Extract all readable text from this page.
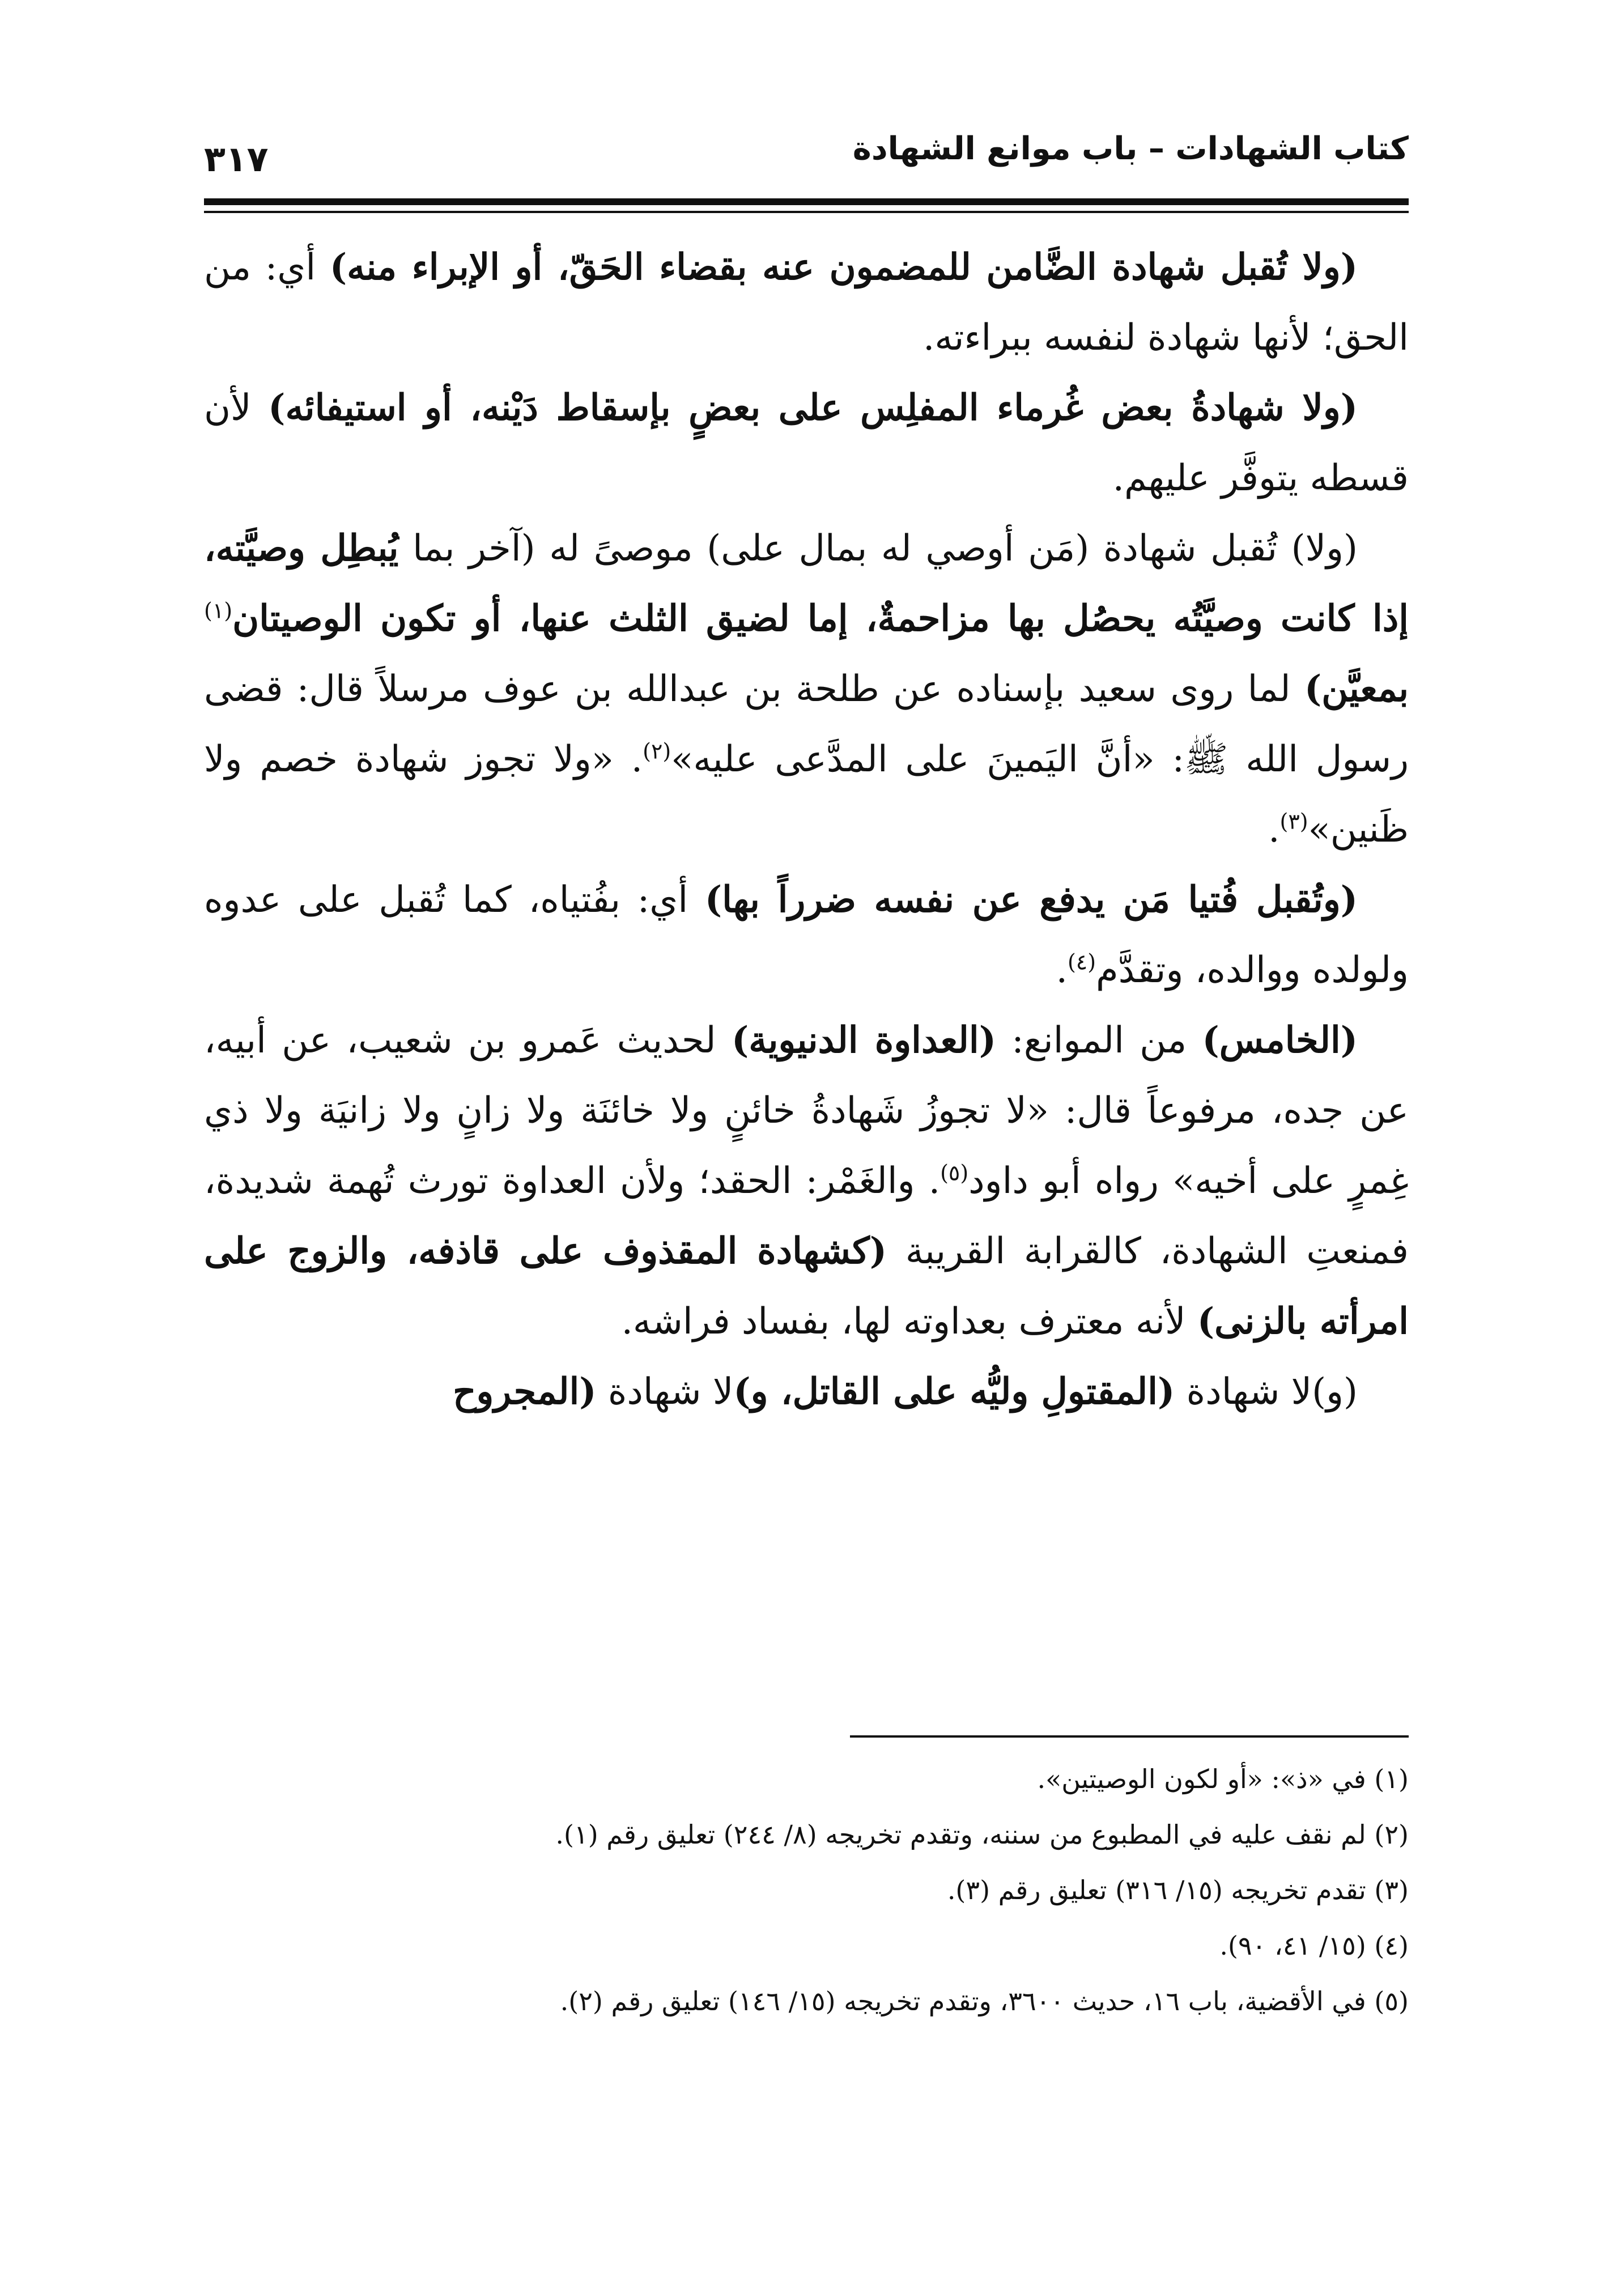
كتاب الشهادات – باب موانع الشهادة
٣١٧

(ولا تُقبل شهادة الضَّامن للمضمون عنه بقضاء الحَقّ، أو الإبراء منه) أي: من الحق؛ لأنها شهادة لنفسه ببراءته.

(ولا شهادةُ بعض غُرماء المفلِس على بعضٍ بإسقاط دَيْنه، أو استيفائه) لأن قسطه يتوفَّر عليهم.

(ولا) تُقبل شهادة (مَن أوصي له بمال على) موصىً له (آخر بما يُبطِل وصيَّته، إذا كانت وصيَّتُه يحصُل بها مزاحمةٌ، إما لضيق الثلث عنها، أو تكون الوصيتان$^{(١)}$ بمعيَّن) لما روى سعيد بإسناده عن طلحة بن عبدالله بن عوف مرسلاً قال: قضى رسول الله ﷺ: «أنَّ اليَمينَ على المدَّعى عليه»$^{(٢)}$. «ولا تجوز شهادة خصم ولا ظَنين»$^{(٣)}$.

(وتُقبل فُتيا مَن يدفع عن نفسه ضرراً بها) أي: بفُتياه، كما تُقبل على عدوه ولولده ووالده، وتقدَّم$^{(٤)}$.

(الخامس) من الموانع: (العداوة الدنيوية) لحديث عَمرو بن شعيب، عن أبيه، عن جده، مرفوعاً قال: «لا تجوزُ شَهادةُ خائنٍ ولا خائنَة ولا زانٍ ولا زانيَة ولا ذي غِمرٍ على أخيه» رواه أبو داود$^{(٥)}$. والغَمْر: الحقد؛ ولأن العداوة تورث تُهمة شديدة، فمنعتِ الشهادة، كالقرابة القريبة (كشهادة المقذوف على قاذفه، والزوج على امرأته بالزنى) لأنه معترف بعداوته لها، بفساد فراشه.

(و)لا شهادة (المقتولِ وليُّه على القاتل، و)لا شهادة (المجروح

(١) في «ذ»: «أو لكون الوصيتين».
(٢) لم نقف عليه في المطبوع من سننه، وتقدم تخريجه (٨/ ٢٤٤) تعليق رقم (١).
(٣) تقدم تخريجه (١٥/ ٣١٦) تعليق رقم (٣).
(٤) (١٥/ ٤١، ٩٠).
(٥) في الأقضية، باب ١٦، حديث ٣٦٠٠، وتقدم تخريجه (١٥/ ١٤٦) تعليق رقم (٢).
